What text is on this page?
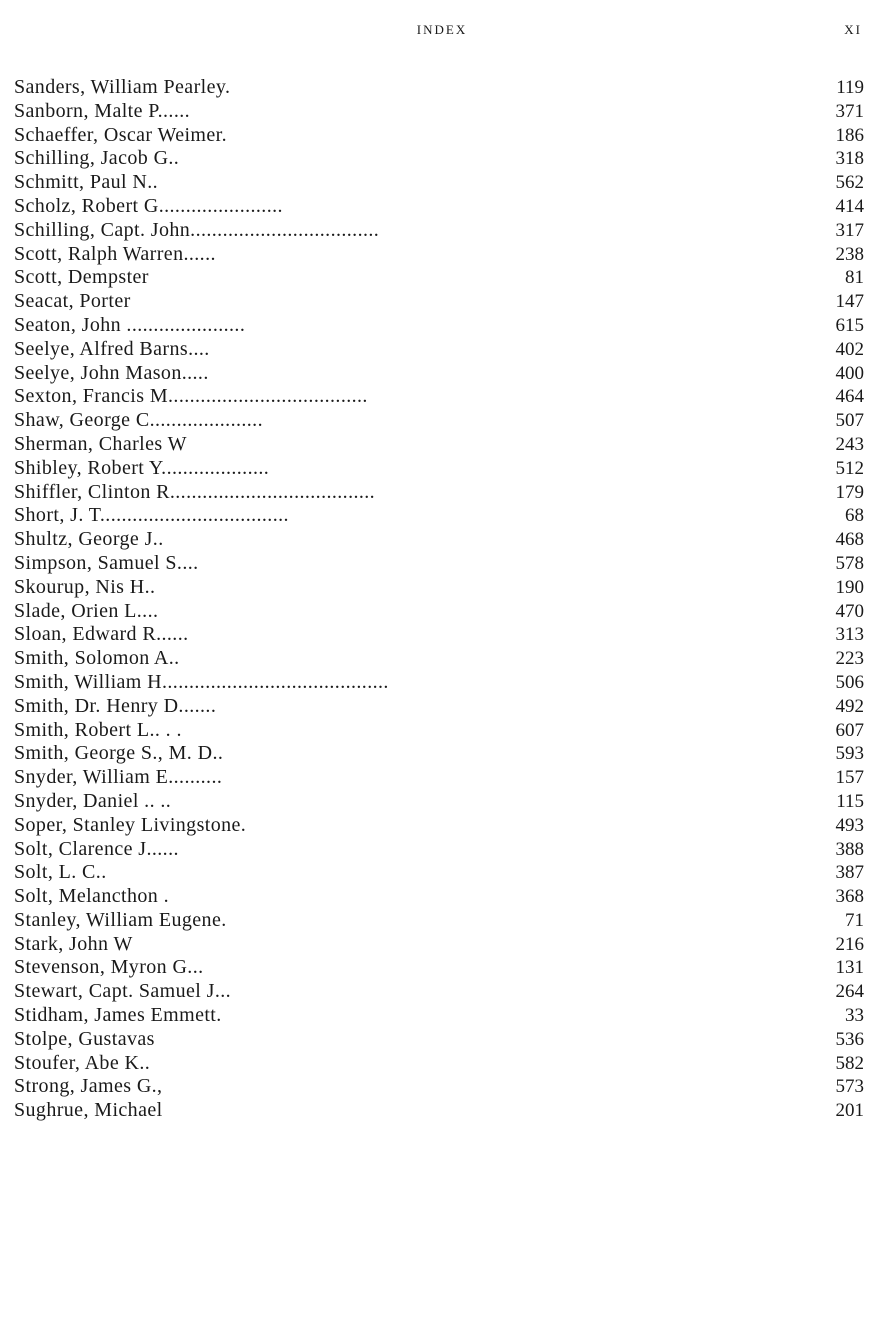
INDEX	XI
Sanders, William Pearley.	119
Sanborn, Malte P......	371
Schaeffer, Oscar Weimer.	186
Schilling, Jacob G..	318
Schmitt, Paul N..	562
Scholz, Robert G.......................	414
Schilling, Capt. John...................................	317
Scott, Ralph Warren......	238
Scott, Dempster	81
Seacat, Porter	147
Seaton, John ......................	615
Seelye, Alfred Barns....	402
Seelye, John Mason.....	400
Sexton, Francis M.....................................	464
Shaw, George C.....................	507
Sherman, Charles W	243
Shibley, Robert Y....................	512
Shiffler, Clinton R......................................	179
Short, J. T...................................	68
Shultz, George J..	468
Simpson, Samuel S....	578
Skourup, Nis H..	190
Slade, Orien L....	470
Sloan, Edward R......	313
Smith, Solomon A..	223
Smith, William H..........................................	506
Smith, Dr. Henry D.......	492
Smith, Robert L.. . .	607
Smith, George S., M. D..	593
Snyder, William E..........	157
Snyder, Daniel .. ..	115
Soper, Stanley Livingstone.	493
Solt, Clarence J......	388
Solt, L. C..	387
Solt, Melancthon .	368
Stanley, William Eugene.	71
Stark, John W	216
Stevenson, Myron G...	131
Stewart, Capt. Samuel J...	264
Stidham, James Emmett.	33
Stolpe, Gustavas	536
Stoufer, Abe K..	582
Strong, James G.,	573
Sughrue, Michael	201
